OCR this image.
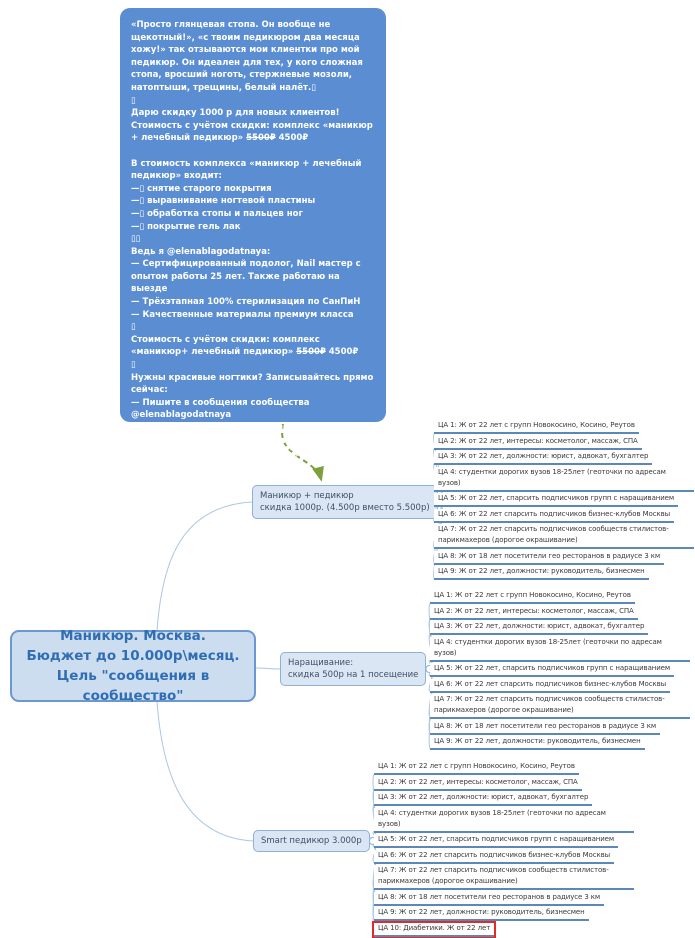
«Просто глянцевая стопа. Он вообще не щекотный!», «с твоим педикюром два месяца хожу!» так отзываются мои клиентки про мой педикюр. Он идеален для тех, у кого сложная стопа, вросший ноготь, стержневые мозоли, натоптыши, трещины, белый налёт.▯
▯
Дарю скидку 1000 р для новых клиентов!
Стоимость с учётом скидки: комплекс «маникюр + лечебный педикюр» 5500₽ 4500₽
В стоимость комплекса «маникюр + лечебный педикюр» входит:
—▯ снятие старого покрытия
—▯ выравнивание ногтевой пластины
—▯ обработка стопы и пальцев ног
—▯ покрытие гель лак
▯▯
Ведь я @elenablagodatnaya:
— Сертифицированный подолог, Nail мастер с опытом работы 25 лет. Также работаю на выезде
— Трёхэтапная 100% стерилизация по СанПиН
— Качественные материалы премиум класса
▯
Стоимость с учётом скидки: комплекс «маникюр+ лечебный педикюр» 5500₽ 4500₽
▯
Нужны красивые ногтики? Записывайтесь прямо сейчас:
— Пишите в сообщения сообщества @elenablagodatnaya
— Или ставьте + в комментариях под этой публикацией, я с вами свяжусь
— Москва, ул. Новокосинская, 12, метро «Новокосино»
Маникюр. Москва.
Бюджет до 10.000р\месяц.
Цель "сообщения в сообщество"
Маникюр + педикюр
скидка 1000р. (4.500р вместо 5.500р)
Наращивание:
скидка 500р на 1 посещение
Smart педикюр 3.000р
ЦА 1: Ж от 22 лет с групп Новокосино, Косино, Реутов
ЦА 2: Ж от 22 лет, интересы: косметолог, массаж, СПА
ЦА 3: Ж от 22 лет, должности: юрист, адвокат, бухгалтер
ЦА 4: студентки дорогих вузов 18-25лет (геоточки по адресам вузов)
ЦА 5: Ж от 22 лет, спарсить подписчиков групп с наращиванием
ЦА 6: Ж от 22 лет спарсить подписчиков бизнес-клубов Москвы
ЦА 7: Ж от 22 лет спарсить подписчиков сообществ стилистов-парикмахеров (дорогое окрашивание)
ЦА 8: Ж от 18 лет посетители гео ресторанов в радиусе 3 км
ЦА 9: Ж от 22 лет, должности: руководитель, бизнесмен
ЦА 1: Ж от 22 лет с групп Новокосино, Косино, Реутов
ЦА 2: Ж от 22 лет, интересы: косметолог, массаж, СПА
ЦА 3: Ж от 22 лет, должности: юрист, адвокат, бухгалтер
ЦА 4: студентки дорогих вузов 18-25лет (геоточки по адресам вузов)
ЦА 5: Ж от 22 лет, спарсить подписчиков групп с наращиванием
ЦА 6: Ж от 22 лет спарсить подписчиков бизнес-клубов Москвы
ЦА 7: Ж от 22 лет спарсить подписчиков сообществ стилистов-парикмахеров (дорогое окрашивание)
ЦА 8: Ж от 18 лет посетители гео ресторанов в радиусе 3 км
ЦА 9: Ж от 22 лет, должности: руководитель, бизнесмен
ЦА 1: Ж от 22 лет с групп Новокосино, Косино, Реутов
ЦА 2: Ж от 22 лет, интересы: косметолог, массаж, СПА
ЦА 3: Ж от 22 лет, должности: юрист, адвокат, бухгалтер
ЦА 4: студентки дорогих вузов 18-25лет (геоточки по адресам вузов)
ЦА 5: Ж от 22 лет, спарсить подписчиков групп с наращиванием
ЦА 6: Ж от 22 лет спарсить подписчиков бизнес-клубов Москвы
ЦА 7: Ж от 22 лет спарсить подписчиков сообществ стилистов-парикмахеров (дорогое окрашивание)
ЦА 8: Ж от 18 лет посетители гео ресторанов в радиусе 3 км
ЦА 9: Ж от 22 лет, должности: руководитель, бизнесмен
ЦА 10: Диабетики. Ж от 22 лет
